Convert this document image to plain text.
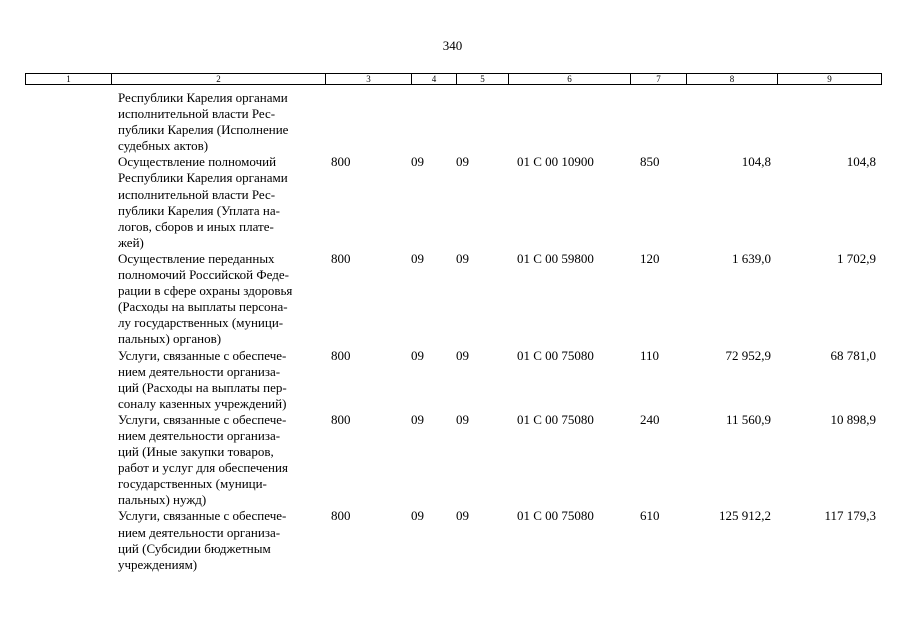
340
1	2	3	4	5	6	7	8	9
Республики Карелия органами
исполнительной власти Рес-
публики Карелия (Исполнение
судебных актов)
Осуществление полномочий
Республики Карелия органами
исполнительной власти Рес-
публики Карелия (Уплата на-
логов, сборов и иных плате-
жей)
800	09	09	01 С 00 10900	850	104,8	104,8
Осуществление переданных
полномочий Российской Феде-
рации в сфере охраны здоровья
(Расходы на выплаты персона-
лу государственных (муници-
пальных) органов)
800	09	09	01 С 00 59800	120	1 639,0	1 702,9
Услуги, связанные с обеспече-
нием деятельности организа-
ций (Расходы на выплаты пер-
соналу казенных учреждений)
800	09	09	01 С 00 75080	110	72 952,9	68 781,0
Услуги, связанные с обеспече-
нием деятельности организа-
ций (Иные закупки товаров,
работ и услуг для обеспечения
государственных (муници-
пальных) нужд)
800	09	09	01 С 00 75080	240	11 560,9	10 898,9
Услуги, связанные с обеспече-
нием деятельности организа-
ций (Субсидии бюджетным
учреждениям)
800	09	09	01 С 00 75080	610	125 912,2	117 179,3
